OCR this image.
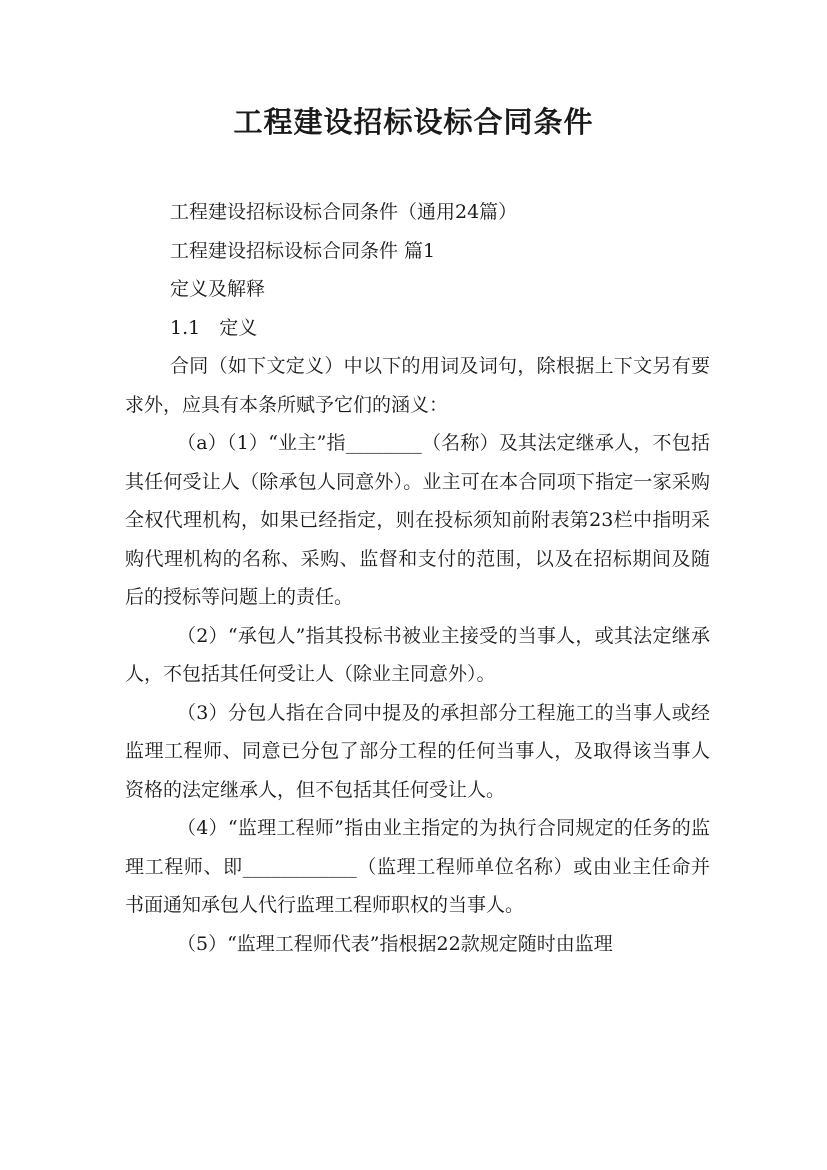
工程建设招标设标合同条件

工程建设招标设标合同条件（通用24篇）

工程建设招标设标合同条件 篇1

定义及解释

1.1　定义

合同（如下文定义）中以下的用词及词句，除根据上下文另有要求外，应具有本条所赋予它们的涵义：

（a）（1）“业主”指________（名称）及其法定继承人，不包括其任何受让人（除承包人同意外）。业主可在本合同项下指定一家采购全权代理机构，如果已经指定，则在投标须知前附表第23栏中指明采购代理机构的名称、采购、监督和支付的范围，以及在招标期间及随后的授标等问题上的责任。

（2）“承包人”指其投标书被业主接受的当事人，或其法定继承人，不包括其任何受让人（除业主同意外）。

（3）分包人指在合同中提及的承担部分工程施工的当事人或经监理工程师、同意已分包了部分工程的任何当事人，及取得该当事人资格的法定继承人，但不包括其任何受让人。

（4）“监理工程师”指由业主指定的为执行合同规定的任务的监理工程师、即____________（监理工程师单位名称）或由业主任命并书面通知承包人代行监理工程师职权的当事人。

（5）“监理工程师代表”指根据22款规定随时由监理
